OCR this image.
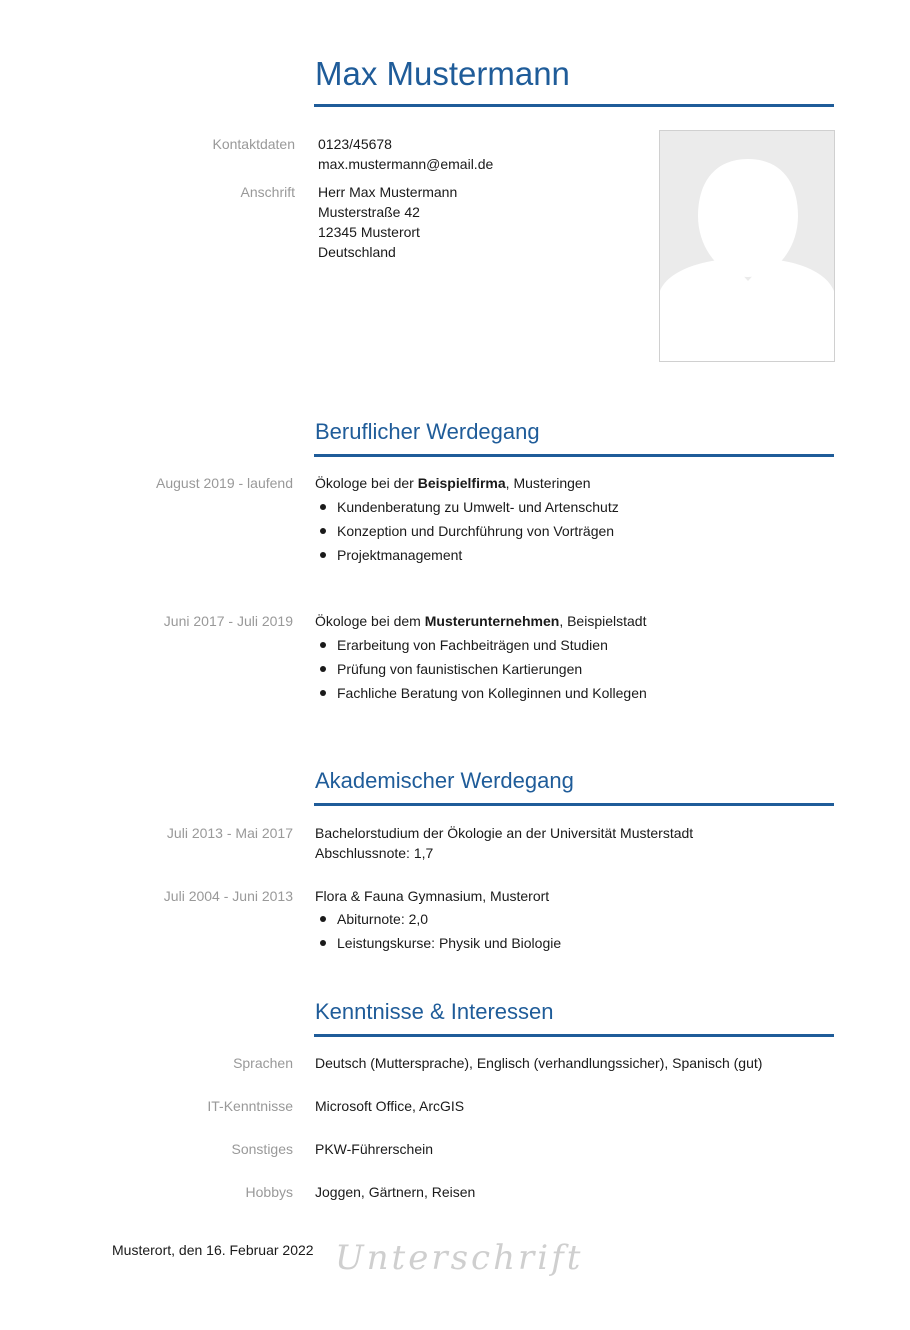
Max Mustermann
Kontaktdaten 0123/45678
max.mustermann@email.de
Anschrift Herr Max Mustermann
Musterstraße 42
12345 Musterort
Deutschland
Beruflicher Werdegang
August 2019 - laufend Ökologe bei der Beispielfirma, Musteringen
Kundenberatung zu Umwelt- und Artenschutz
Konzeption und Durchführung von Vorträgen
Projektmanagement
Juni 2017 - Juli 2019 Ökologe bei dem Musterunternehmen, Beispielstadt
Erarbeitung von Fachbeiträgen und Studien
Prüfung von faunistischen Kartierungen
Fachliche Beratung von Kolleginnen und Kollegen
Akademischer Werdegang
Juli 2013 - Mai 2017 Bachelorstudium der Ökologie an der Universität Musterstadt
Abschlussnote: 1,7
Juli 2004 - Juni 2013 Flora & Fauna Gymnasium, Musterort
Abiturnote: 2,0
Leistungskurse: Physik und Biologie
Kenntnisse & Interessen
Sprachen Deutsch (Muttersprache), Englisch (verhandlungssicher), Spanisch (gut)
IT-Kenntnisse Microsoft Office, ArcGIS
Sonstiges PKW-Führerschein
Hobbys Joggen, Gärtnern, Reisen
Musterort, den 16. Februar 2022 Unterschrift
